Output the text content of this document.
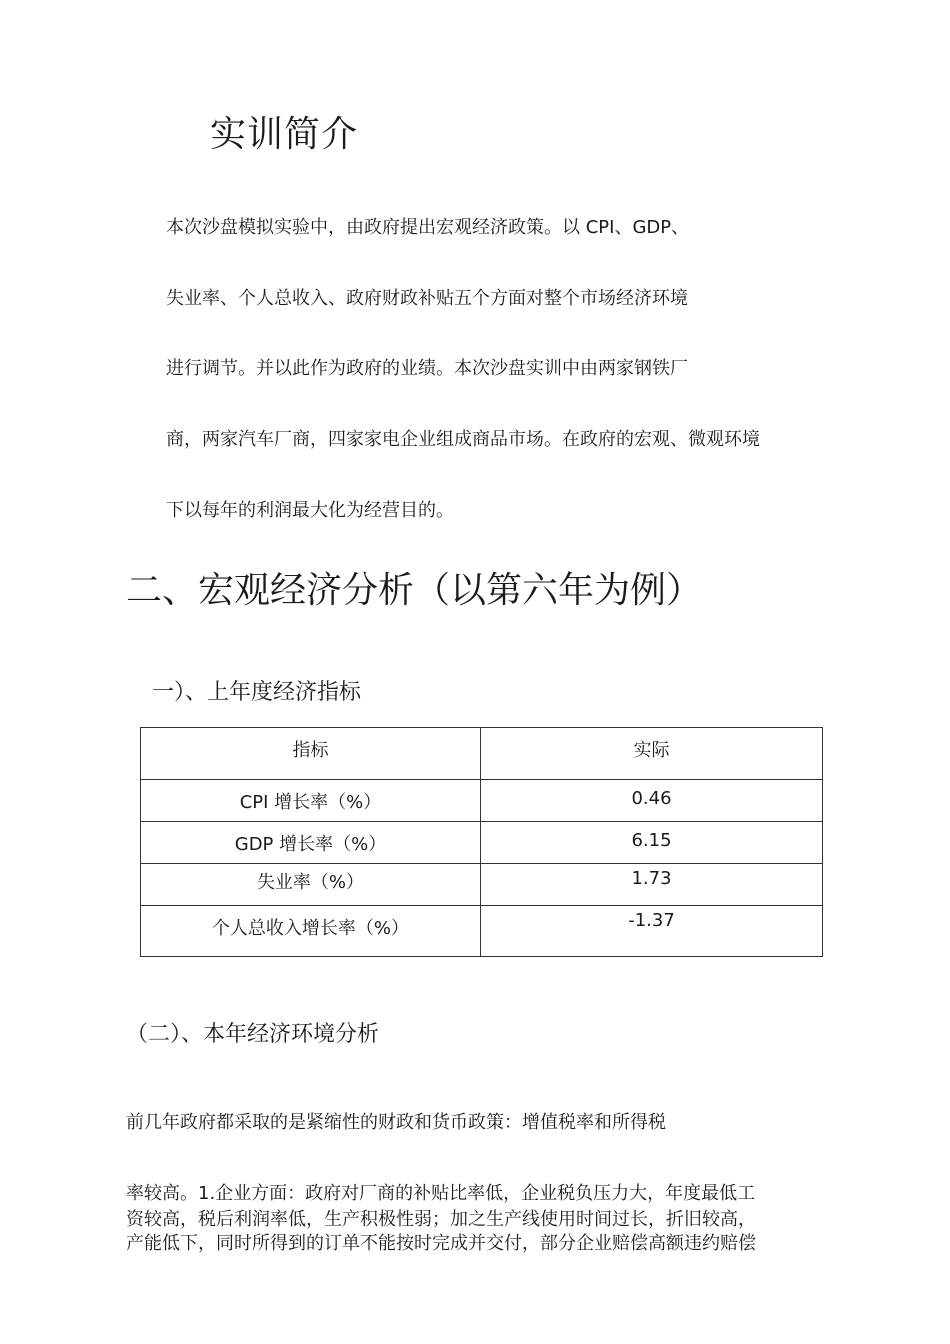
实训简介
本次沙盘模拟实验中，由政府提出宏观经济政策。以 CPI、GDP、
失业率、个人总收入、政府财政补贴五个方面对整个市场经济环境
进行调节。并以此作为政府的业绩。本次沙盘实训中由两家钢铁厂
商，两家汽车厂商，四家家电企业组成商品市场。在政府的宏观、微观环境
下以每年的利润最大化为经营目的。
二、宏观经济分析（以第六年为例）
一）、上年度经济指标
指标	实际
CPI 增长率（%）	0.46
GDP 增长率（%）	6.15
失业率（%）	1.73
个人总收入增长率（%）	-1.37
（二）、本年经济环境分析
前几年政府都采取的是紧缩性的财政和货币政策：增值税率和所得税
率较高。1.企业方面：政府对厂商的补贴比率低，企业税负压力大，年度最低工
资较高，税后利润率低，生产积极性弱；加之生产线使用时间过长，折旧较高，
产能低下，同时所得到的订单不能按时完成并交付，部分企业赔偿高额违约赔偿
